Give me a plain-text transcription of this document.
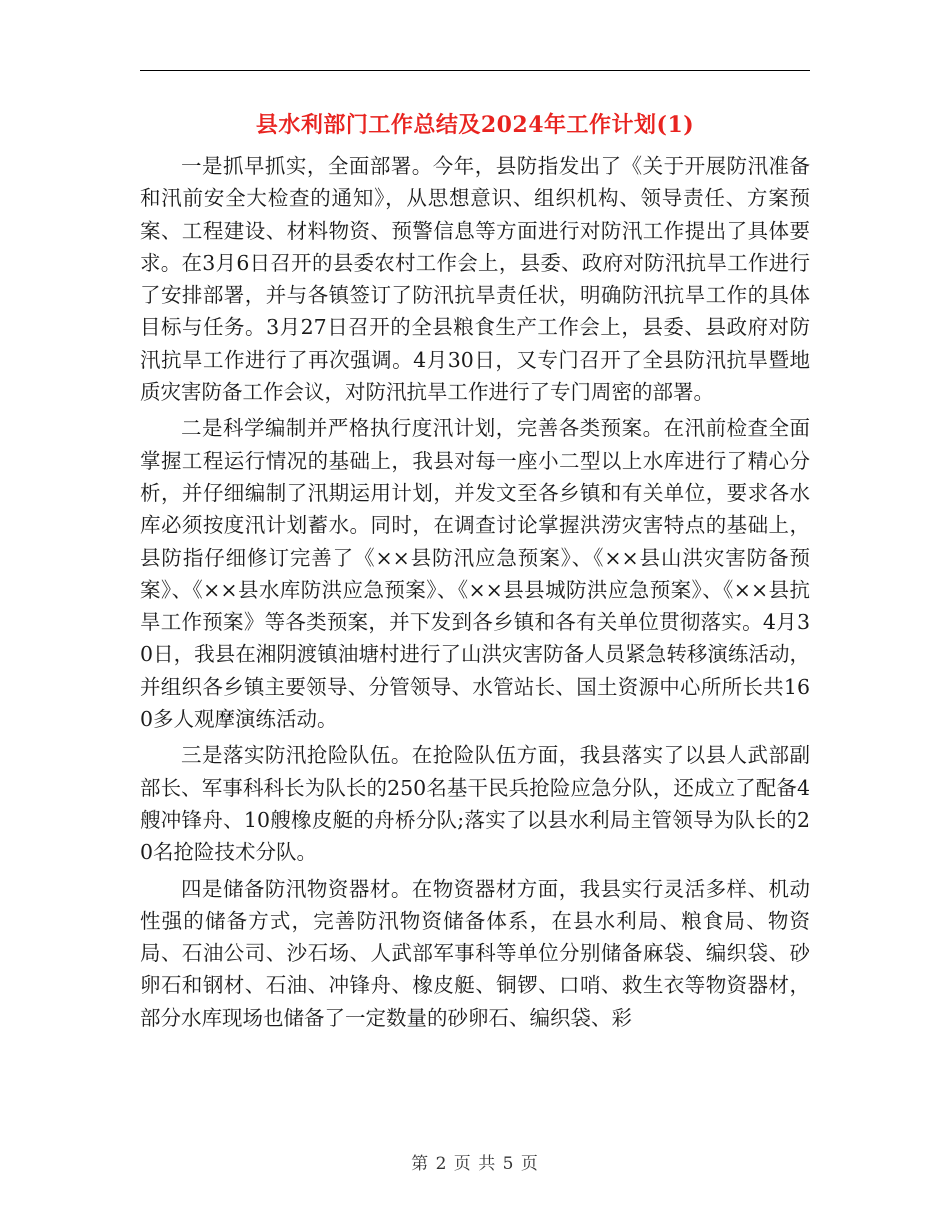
县水利部门工作总结及2024年工作计划(1)

一是抓早抓实，全面部署。今年，县防指发出了《关于开展防汛准备和汛前安全大检查的通知》，从思想意识、组织机构、领导责任、方案预案、工程建设、材料物资、预警信息等方面进行对防汛工作提出了具体要求。在3月6日召开的县委农村工作会上，县委、政府对防汛抗旱工作进行了安排部署，并与各镇签订了防汛抗旱责任状，明确防汛抗旱工作的具体目标与任务。3月27日召开的全县粮食生产工作会上，县委、县政府对防汛抗旱工作进行了再次强调。4月30日，又专门召开了全县防汛抗旱暨地质灾害防备工作会议，对防汛抗旱工作进行了专门周密的部署。

二是科学编制并严格执行度汛计划，完善各类预案。在汛前检查全面掌握工程运行情况的基础上，我县对每一座小二型以上水库进行了精心分析，并仔细编制了汛期运用计划，并发文至各乡镇和有关单位，要求各水库必须按度汛计划蓄水。同时，在调查讨论掌握洪涝灾害特点的基础上，县防指仔细修订完善了《××县防汛应急预案》、《××县山洪灾害防备预案》、《××县水库防洪应急预案》、《××县县城防洪应急预案》、《××县抗旱工作预案》等各类预案，并下发到各乡镇和各有关单位贯彻落实。4月30日，我县在湘阴渡镇油塘村进行了山洪灾害防备人员紧急转移演练活动，并组织各乡镇主要领导、分管领导、水管站长、国土资源中心所所长共160多人观摩演练活动。

三是落实防汛抢险队伍。在抢险队伍方面，我县落实了以县人武部副部长、军事科科长为队长的250名基干民兵抢险应急分队，还成立了配备4艘冲锋舟、10艘橡皮艇的舟桥分队;落实了以县水利局主管领导为队长的20名抢险技术分队。

四是储备防汛物资器材。在物资器材方面，我县实行灵活多样、机动性强的储备方式，完善防汛物资储备体系，在县水利局、粮食局、物资局、石油公司、沙石场、人武部军事科等单位分别储备麻袋、编织袋、砂卵石和钢材、石油、冲锋舟、橡皮艇、铜锣、口哨、救生衣等物资器材，部分水库现场也储备了一定数量的砂卵石、编织袋、彩

第 2 页 共 5 页
